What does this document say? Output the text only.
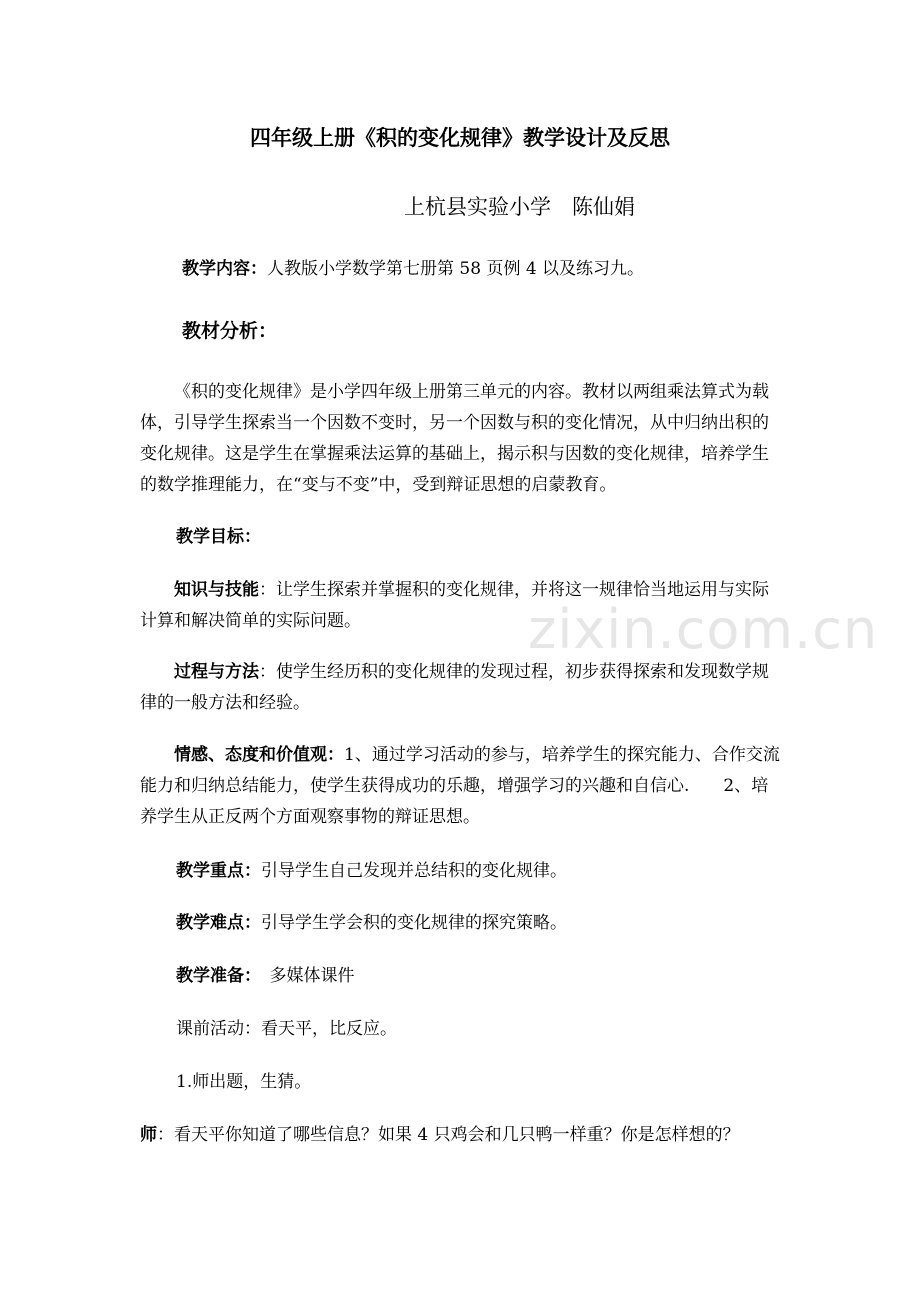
zixin.com.cn
四年级上册《积的变化规律》教学设计及反思
上杭县实验小学　陈仙娟
教学内容：人教版小学数学第七册第 58 页例 4 以及练习九。
教材分析：
《积的变化规律》是小学四年级上册第三单元的内容。教材以两组乘法算式为载体，引导学生探索当一个因数不变时，另一个因数与积的变化情况，从中归纳出积的变化规律。这是学生在掌握乘法运算的基础上，揭示积与因数的变化规律，培养学生的数学推理能力，在“变与不变”中，受到辩证思想的启蒙教育。
教学目标：
知识与技能：让学生探索并掌握积的变化规律，并将这一规律恰当地运用与实际计算和解决简单的实际问题。
过程与方法：使学生经历积的变化规律的发现过程，初步获得探索和发现数学规律的一般方法和经验。
情感、态度和价值观：1、通过学习活动的参与，培养学生的探究能力、合作交流能力和归纳总结能力，使学生获得成功的乐趣，增强学习的兴趣和自信心.　　2、培养学生从正反两个方面观察事物的辩证思想。
教学重点：引导学生自己发现并总结积的变化规律。
教学难点：引导学生学会积的变化规律的探究策略。
教学准备：　多媒体课件
课前活动：看天平，比反应。
1.师出题，生猜。
师：看天平你知道了哪些信息？如果 4 只鸡会和几只鸭一样重？你是怎样想的？
